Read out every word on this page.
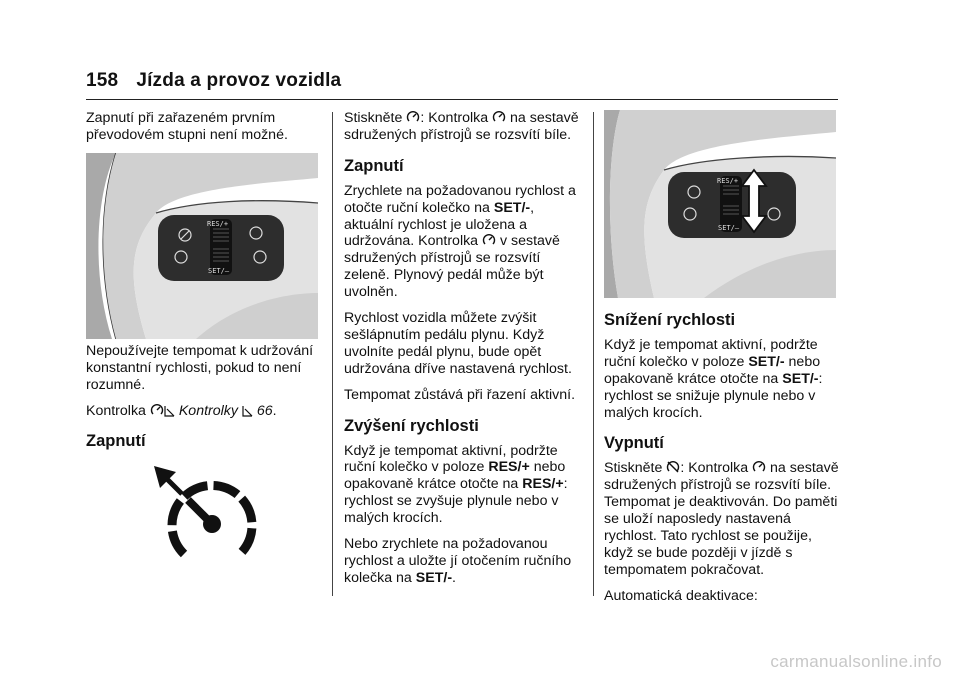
158 Jízda a provoz vozidla

Zapnutí při zařazeném prvním převodovém stupni není možné.

RES/+
SET/–

Nepoužívejte tempomat k udržování konstantní rychlosti, pokud to není rozumné.

Kontrolka Kontrolky 66.

Zapnutí

Stiskněte : Kontrolka na sestavě sdružených přístrojů se rozsvítí bíle.

Zapnutí

Zrychlete na požadovanou rychlost a otočte ruční kolečko na SET/-, aktuální rychlost je uložena a udržována. Kontrolka v sestavě sdružených přístrojů se rozsvítí zeleně. Plynový pedál může být uvolněn.

Rychlost vozidla můžete zvýšit sešlápnutím pedálu plynu. Když uvolníte pedál plynu, bude opět udržována dříve nastavená rychlost.

Tempomat zůstává při řazení aktivní.

Zvýšení rychlosti

Když je tempomat aktivní, podržte ruční kolečko v poloze RES/+ nebo opakovaně krátce otočte na RES/+: rychlost se zvyšuje plynule nebo v malých krocích.

Nebo zrychlete na požadovanou rychlost a uložte jí otočením ručního kolečka na SET/-.

RES/+
SET/–
Snížení rychlosti

Když je tempomat aktivní, podržte ruční kolečko v poloze SET/- nebo opakovaně krátce otočte na SET/-: rychlost se snižuje plynule nebo v malých krocích.

Vypnutí

Stiskněte : Kontrolka na sestavě sdružených přístrojů se rozsvítí bíle. Tempomat je deaktivován. Do paměti se uloží naposledy nastavená rychlost. Tato rychlost se použije, když se bude později v jízdě s tempomatem pokračovat.

Automatická deaktivace:

carmanualsonline.info
